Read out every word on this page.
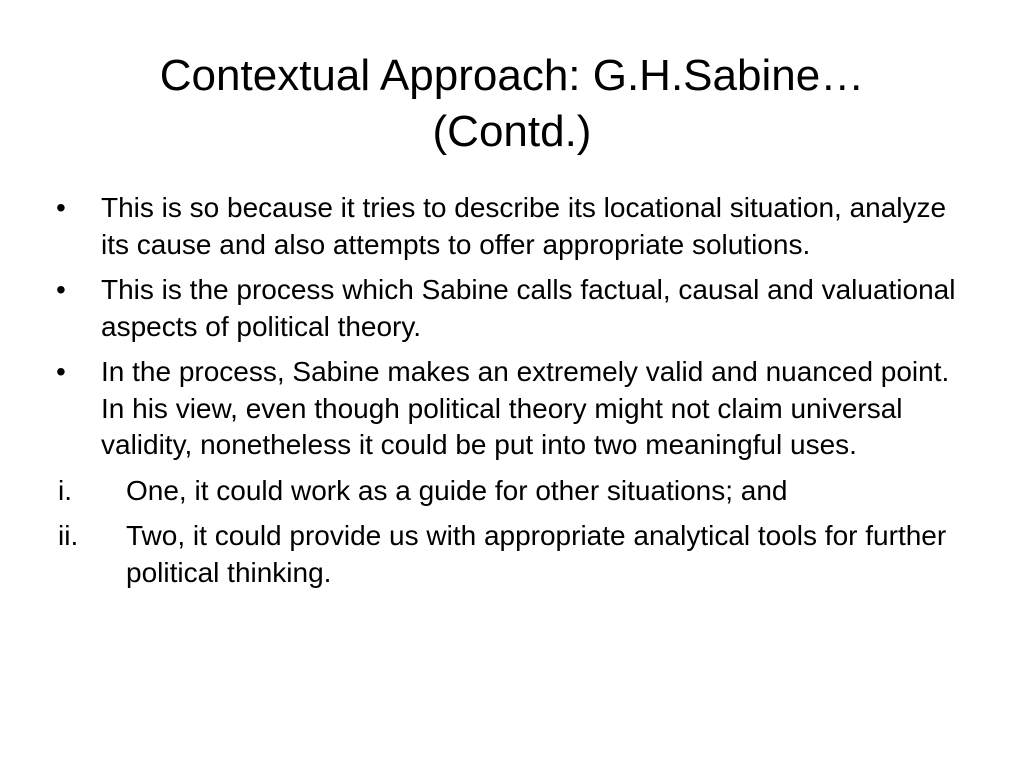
Contextual Approach: G.H.Sabine…
(Contd.)
•	This is so because it tries to describe its locational situation, analyze its cause and also attempts to offer appropriate solutions.
•	This is the process which Sabine calls factual, causal and valuational aspects of political theory.
•	In the process, Sabine makes an extremely valid and nuanced point. In his view, even though political theory might not claim universal validity, nonetheless it could be put into two meaningful uses.
i.	One, it could work as a guide for other situations; and
ii.	Two, it could provide us with appropriate analytical tools for further political thinking.
